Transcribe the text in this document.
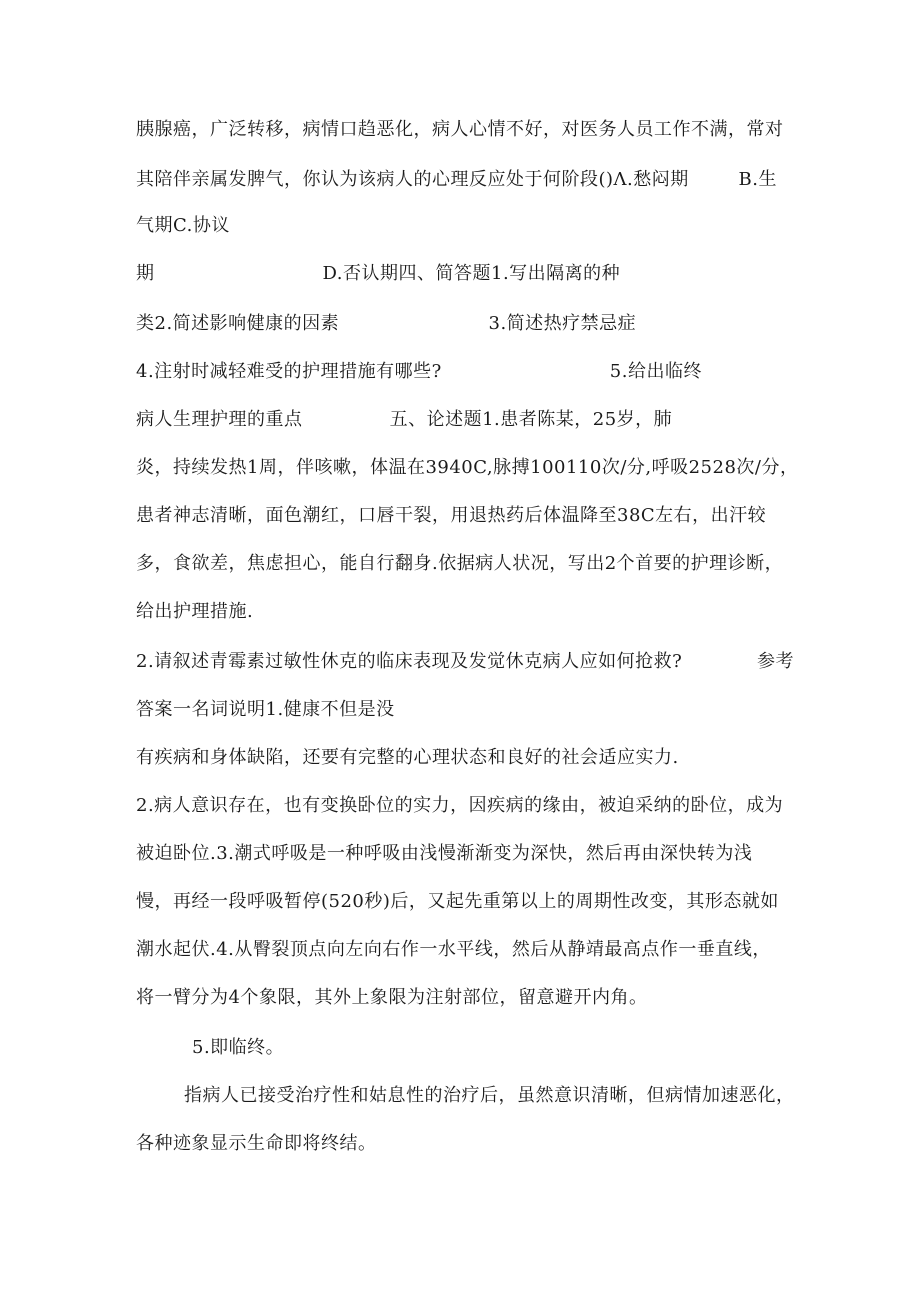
胰腺癌，广泛转移，病情口趋恶化，病人心情不好，对医务人员工作不满，常对
其陪伴亲属发脾气，你认为该病人的心理反应处于何阶段()Λ.愁闷期        B.生
气期C.协议
期                           D.否认期四、简答题1.写出隔离的种
类2.简述影响健康的因素                        3.简述热疗禁忌症
4.注射时减轻难受的护理措施有哪些?                           5.给出临终
病人生理护理的重点              五、论述题1.患者陈某，25岁，肺
炎，持续发热1周，伴咳嗽，体温在3940C,脉搏100110次/分,呼吸2528次/分，
患者神志清晰，面色潮红，口唇干裂，用退热药后体温降至38C左右，出汗较
多，食欲差，焦虑担心，能自行翻身.依据病人状况，写出2个首要的护理诊断，
给出护理措施.
2.请叙述青霉素过敏性休克的临床表现及发觉休克病人应如何抢救?            参考
答案一名词说明1.健康不但是没
有疾病和身体缺陷，还要有完整的心理状态和良好的社会适应实力.
2.病人意识存在，也有变换卧位的实力，因疾病的缘由，被迫采纳的卧位，成为
被迫卧位.3.潮式呼吸是一种呼吸由浅慢渐渐变为深快，然后再由深快转为浅
慢，再经一段呼吸暂停(520秒)后，又起先重第以上的周期性改变，其形态就如
潮水起伏.4.从臀裂顶点向左向右作一水平线，然后从静靖最高点作一垂直线，
将一臂分为4个象限，其外上象限为注射部位，留意避开内角。
5.即临终。
指病人已接受治疗性和姑息性的治疗后，虽然意识清晰，但病情加速恶化，
各种迹象显示生命即将终结。
